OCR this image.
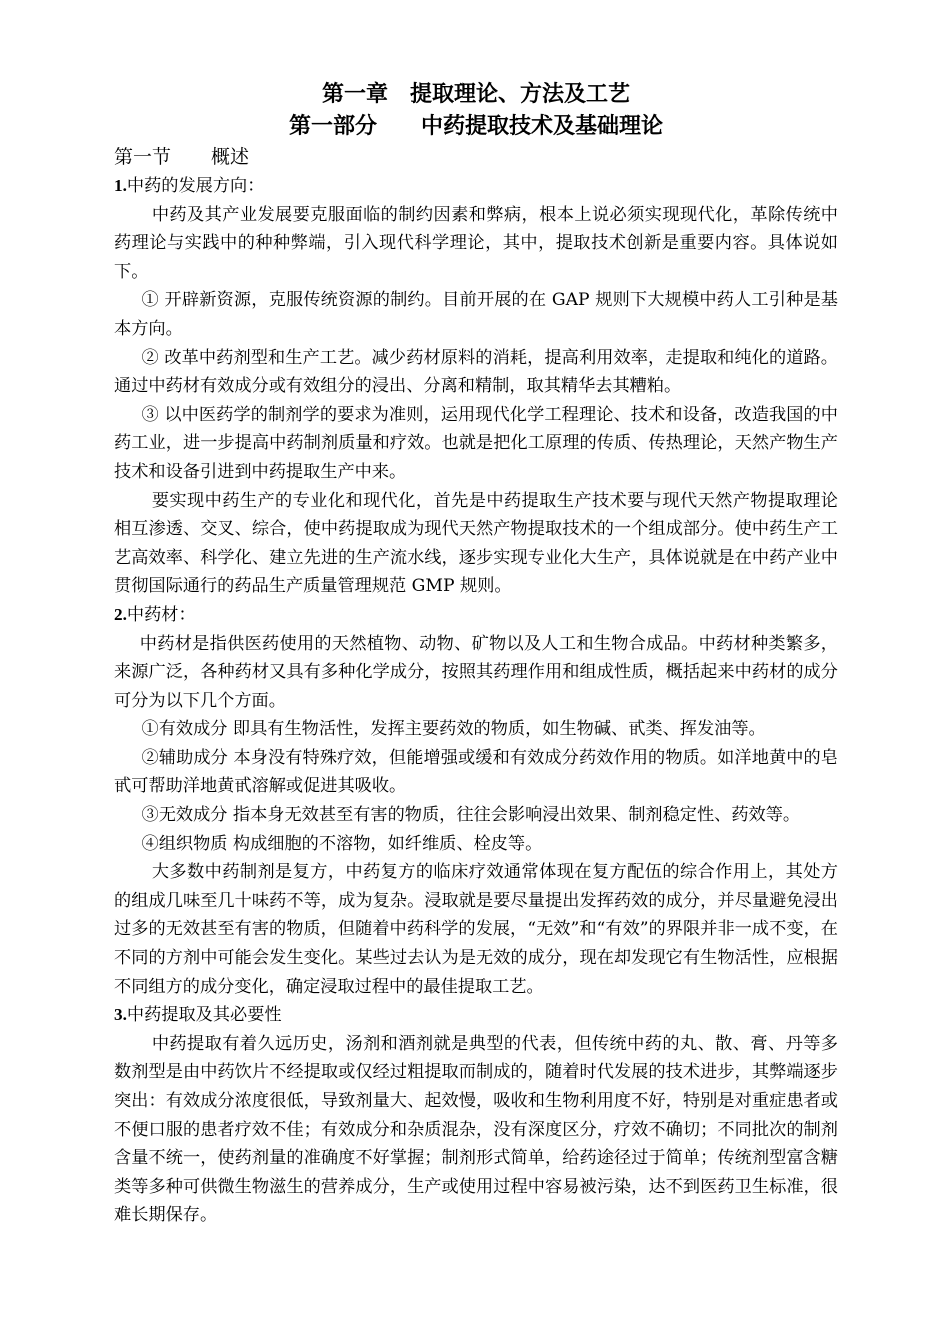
第一章　提取理论、方法及工艺
第一部分　　中药提取技术及基础理论
第一节 概述
1.中药的发展方向：

中药及其产业发展要克服面临的制约因素和弊病，根本上说必须实现现代化，革除传统中药理论与实践中的种种弊端，引入现代科学理论，其中，提取技术创新是重要内容。具体说如下。

① 开辟新资源，克服传统资源的制约。目前开展的在 GAP 规则下大规模中药人工引种是基本方向。

② 改革中药剂型和生产工艺。减少药材原料的消耗，提高利用效率，走提取和纯化的道路。通过中药材有效成分或有效组分的浸出、分离和精制，取其精华去其糟粕。

③ 以中医药学的制剂学的要求为准则，运用现代化学工程理论、技术和设备，改造我国的中药工业，进一步提高中药制剂质量和疗效。也就是把化工原理的传质、传热理论，天然产物生产技术和设备引进到中药提取生产中来。

要实现中药生产的专业化和现代化，首先是中药提取生产技术要与现代天然产物提取理论相互渗透、交叉、综合，使中药提取成为现代天然产物提取技术的一个组成部分。使中药生产工艺高效率、科学化、建立先进的生产流水线，逐步实现专业化大生产，具体说就是在中药产业中贯彻国际通行的药品生产质量管理规范 GMP 规则。

2.中药材：

中药材是指供医药使用的天然植物、动物、矿物以及人工和生物合成品。中药材种类繁多，来源广泛，各种药材又具有多种化学成分，按照其药理作用和组成性质，概括起来中药材的成分可分为以下几个方面。

①有效成分 即具有生物活性，发挥主要药效的物质，如生物碱、甙类、挥发油等。

②辅助成分 本身没有特殊疗效，但能增强或缓和有效成分药效作用的物质。如洋地黄中的皂甙可帮助洋地黄甙溶解或促进其吸收。

③无效成分 指本身无效甚至有害的物质，往往会影响浸出效果、制剂稳定性、药效等。

④组织物质 构成细胞的不溶物，如纤维质、栓皮等。

大多数中药制剂是复方，中药复方的临床疗效通常体现在复方配伍的综合作用上，其处方的组成几味至几十味药不等，成为复杂。浸取就是要尽量提出发挥药效的成分，并尽量避免浸出过多的无效甚至有害的物质，但随着中药科学的发展，“无效”和“有效”的界限并非一成不变，在不同的方剂中可能会发生变化。某些过去认为是无效的成分，现在却发现它有生物活性，应根据不同组方的成分变化，确定浸取过程中的最佳提取工艺。

3.中药提取及其必要性

中药提取有着久远历史，汤剂和酒剂就是典型的代表，但传统中药的丸、散、膏、丹等多数剂型是由中药饮片不经提取或仅经过粗提取而制成的，随着时代发展的技术进步，其弊端逐步突出：有效成分浓度很低，导致剂量大、起效慢，吸收和生物利用度不好，特别是对重症患者或不便口服的患者疗效不佳；有效成分和杂质混杂，没有深度区分，疗效不确切；不同批次的制剂含量不统一，使药剂量的准确度不好掌握；制剂形式简单，给药途径过于简单；传统剂型富含糖类等多种可供微生物滋生的营养成分，生产或使用过程中容易被污染，达不到医药卫生标准，很难长期保存。
